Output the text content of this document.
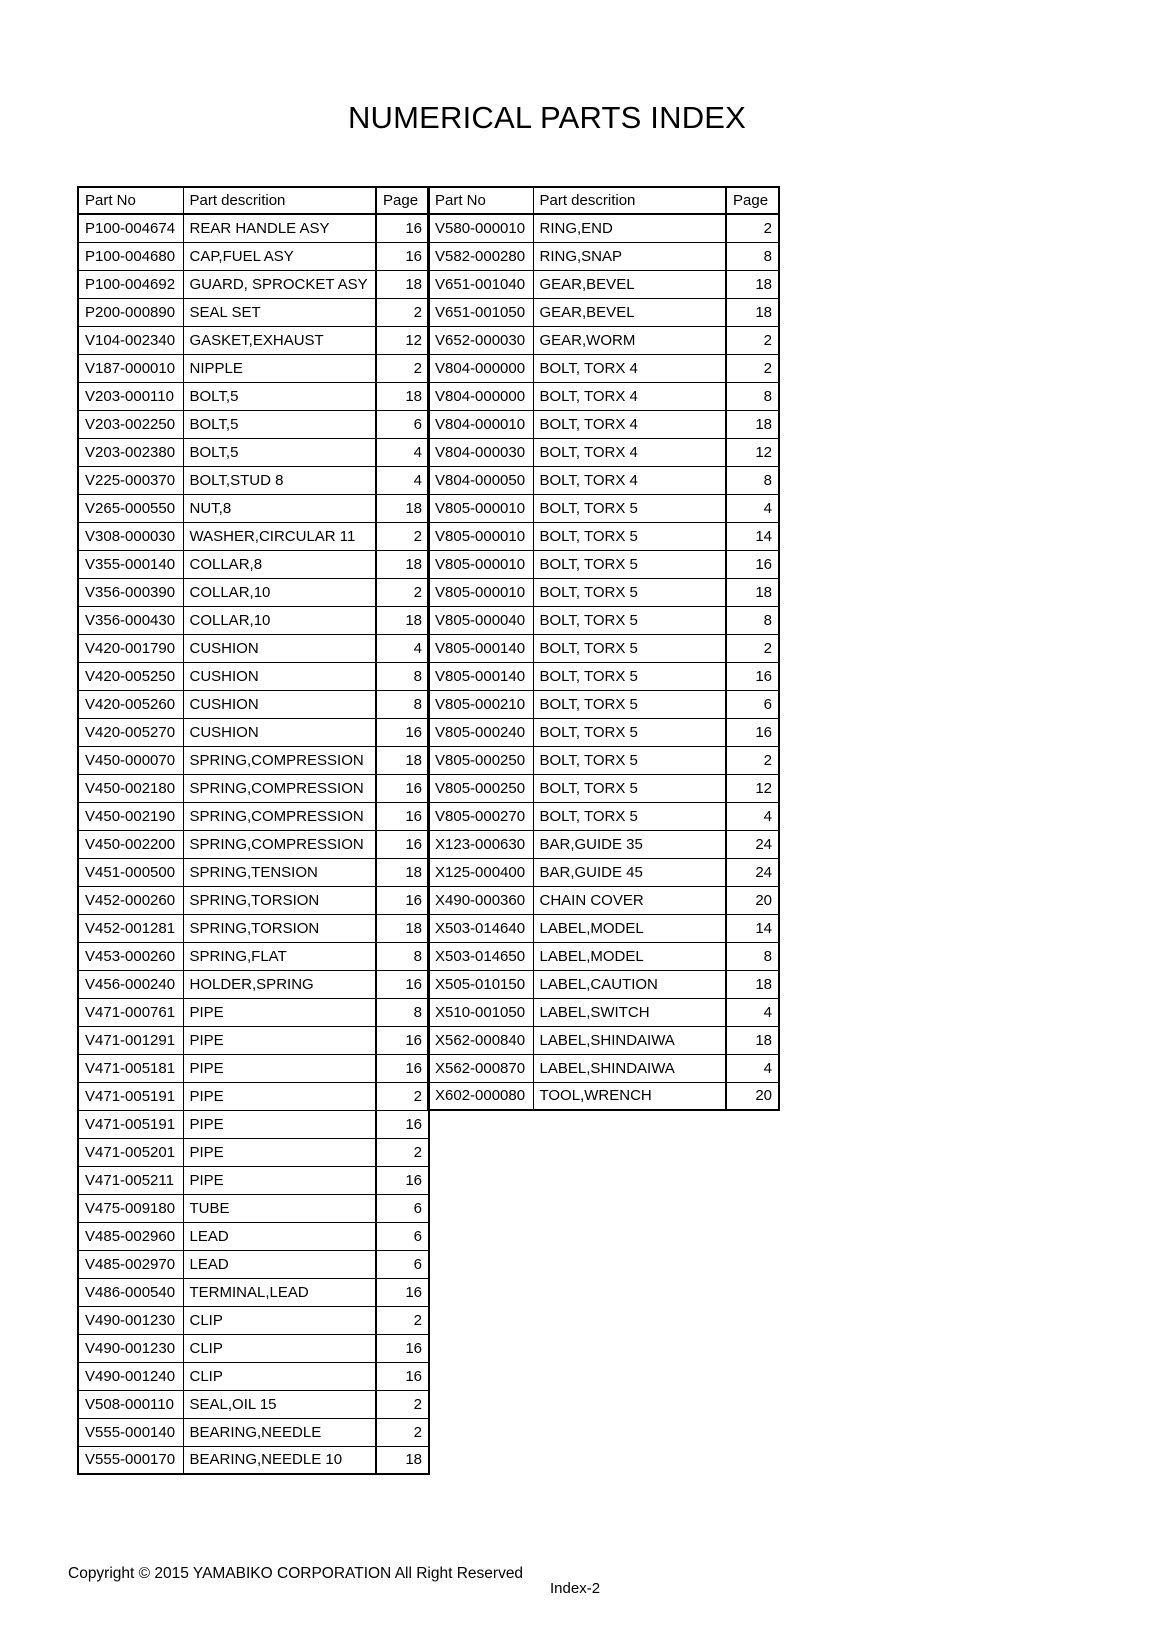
NUMERICAL PARTS INDEX
Part No	Part descrition	Page
P100-004674	REAR HANDLE ASY	16
P100-004680	CAP,FUEL ASY	16
P100-004692	GUARD, SPROCKET ASY	18
P200-000890	SEAL SET	2
V104-002340	GASKET,EXHAUST	12
V187-000010	NIPPLE	2
V203-000110	BOLT,5	18
V203-002250	BOLT,5	6
V203-002380	BOLT,5	4
V225-000370	BOLT,STUD 8	4
V265-000550	NUT,8	18
V308-000030	WASHER,CIRCULAR 11	2
V355-000140	COLLAR,8	18
V356-000390	COLLAR,10	2
V356-000430	COLLAR,10	18
V420-001790	CUSHION	4
V420-005250	CUSHION	8
V420-005260	CUSHION	8
V420-005270	CUSHION	16
V450-000070	SPRING,COMPRESSION	18
V450-002180	SPRING,COMPRESSION	16
V450-002190	SPRING,COMPRESSION	16
V450-002200	SPRING,COMPRESSION	16
V451-000500	SPRING,TENSION	18
V452-000260	SPRING,TORSION	16
V452-001281	SPRING,TORSION	18
V453-000260	SPRING,FLAT	8
V456-000240	HOLDER,SPRING	16
V471-000761	PIPE	8
V471-001291	PIPE	16
V471-005181	PIPE	16
V471-005191	PIPE	2
V471-005191	PIPE	16
V471-005201	PIPE	2
V471-005211	PIPE	16
V475-009180	TUBE	6
V485-002960	LEAD	6
V485-002970	LEAD	6
V486-000540	TERMINAL,LEAD	16
V490-001230	CLIP	2
V490-001230	CLIP	16
V490-001240	CLIP	16
V508-000110	SEAL,OIL 15	2
V555-000140	BEARING,NEEDLE	2
V555-000170	BEARING,NEEDLE 10	18
Part No	Part descrition	Page
V580-000010	RING,END	2
V582-000280	RING,SNAP	8
V651-001040	GEAR,BEVEL	18
V651-001050	GEAR,BEVEL	18
V652-000030	GEAR,WORM	2
V804-000000	BOLT, TORX 4	2
V804-000000	BOLT, TORX 4	8
V804-000010	BOLT, TORX 4	18
V804-000030	BOLT, TORX 4	12
V804-000050	BOLT, TORX 4	8
V805-000010	BOLT, TORX 5	4
V805-000010	BOLT, TORX 5	14
V805-000010	BOLT, TORX 5	16
V805-000010	BOLT, TORX 5	18
V805-000040	BOLT, TORX 5	8
V805-000140	BOLT, TORX 5	2
V805-000140	BOLT, TORX 5	16
V805-000210	BOLT, TORX 5	6
V805-000240	BOLT, TORX 5	16
V805-000250	BOLT, TORX 5	2
V805-000250	BOLT, TORX 5	12
V805-000270	BOLT, TORX 5	4
X123-000630	BAR,GUIDE 35	24
X125-000400	BAR,GUIDE 45	24
X490-000360	CHAIN COVER	20
X503-014640	LABEL,MODEL	14
X503-014650	LABEL,MODEL	8
X505-010150	LABEL,CAUTION	18
X510-001050	LABEL,SWITCH	4
X562-000840	LABEL,SHINDAIWA	18
X562-000870	LABEL,SHINDAIWA	4
X602-000080	TOOL,WRENCH	20
Copyright © 2015 YAMABIKO CORPORATION All Right Reserved
Index-2
